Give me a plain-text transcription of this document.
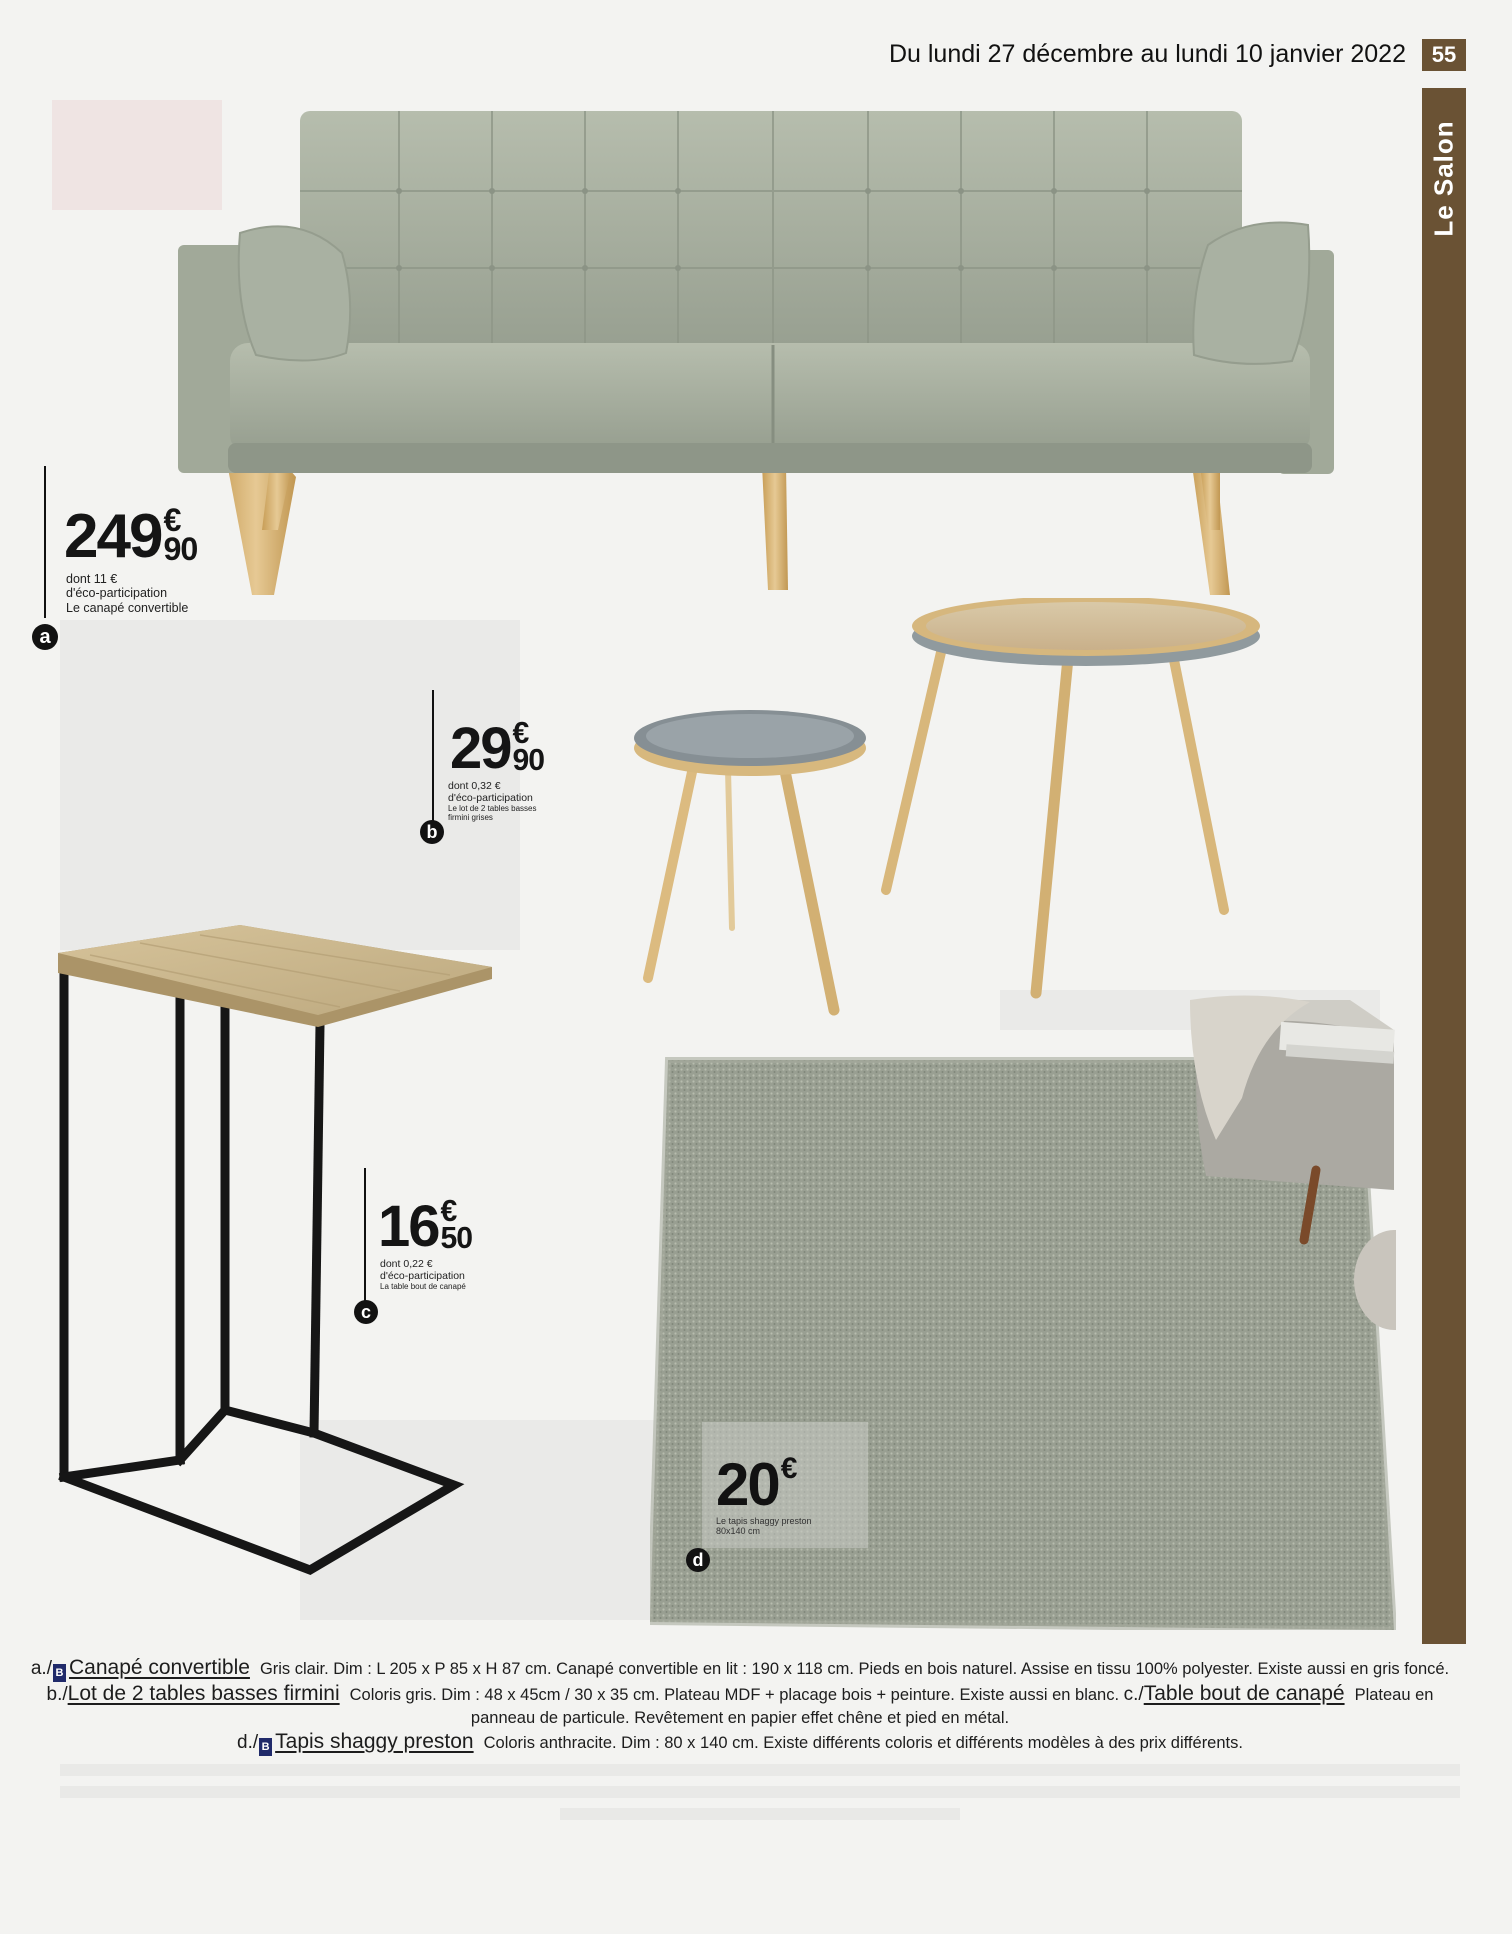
Du lundi 27 décembre au lundi 10 janvier 2022	55
Le Salon
249 €
90
dont 11 €
d'éco-participation
Le canapé convertible
a
29 €
90
dont 0,32 €
d'éco-participation
Le lot de 2 tables basses
firmini grises
b
16 €
50
dont 0,22 €
d'éco-participation
La table bout de canapé
c
20 €
Le tapis shaggy preston
80x140 cm
d
a./ B Canapé convertible Gris clair. Dim : L 205 x P 85 x H 87 cm. Canapé convertible en lit : 190 x 118 cm. Pieds en bois naturel. Assise en tissu 100% polyester. Existe aussi en gris foncé. b./Lot de 2 tables basses firmini Coloris gris. Dim : 48 x 45cm / 30 x 35 cm. Plateau MDF + placage bois + peinture. Existe aussi en blanc. c./Table bout de canapé Plateau en panneau de particule. Revêtement en papier effet chêne et pied en métal.
d./ B Tapis shaggy preston Coloris anthracite. Dim : 80 x 140 cm. Existe différents coloris et différents modèles à des prix différents.
